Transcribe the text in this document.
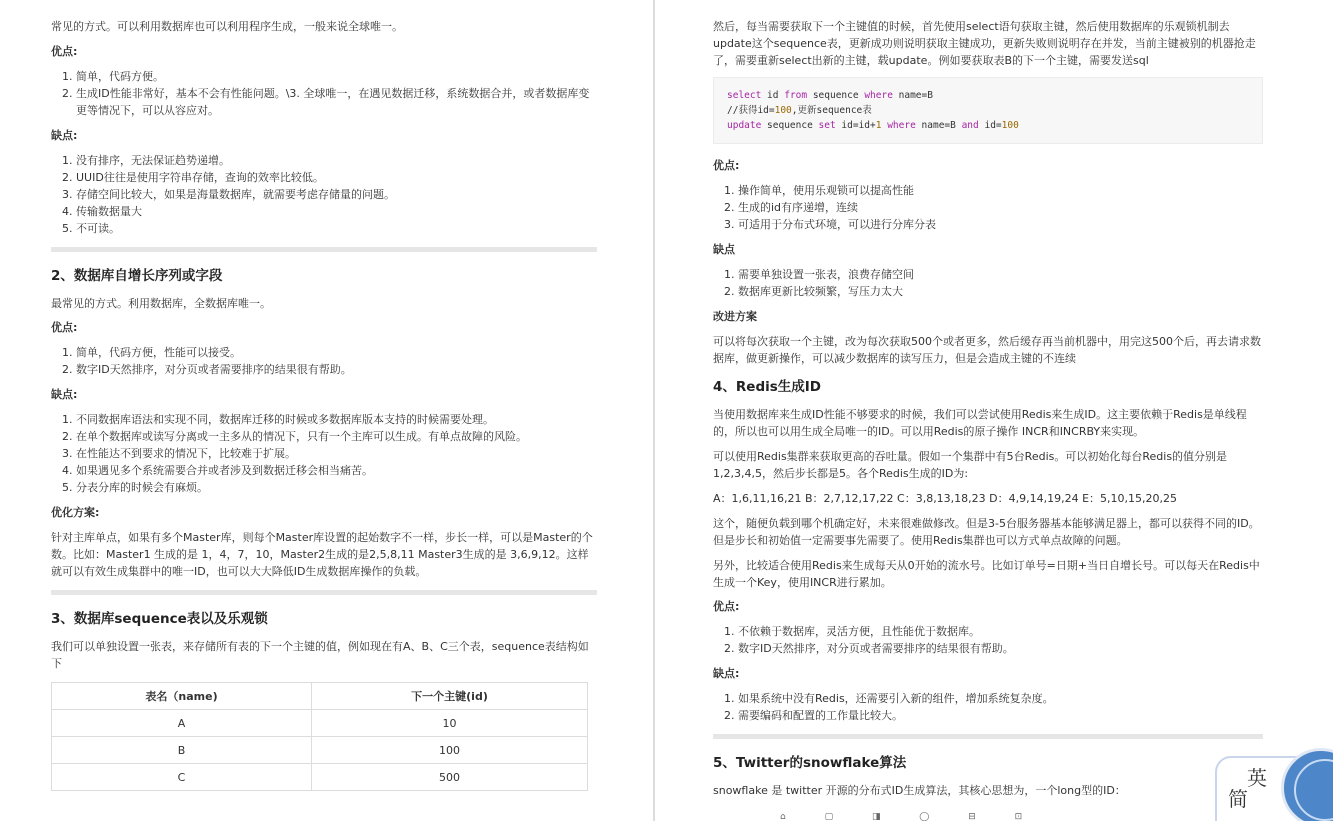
常见的方式。可以利用数据库也可以利用程序生成，一般来说全球唯一。

优点:
1. 简单，代码方便。
2. 生成ID性能非常好，基本不会有性能问题。\3. 全球唯一，在遇见数据迁移，系统数据合并，或者数据库变更等情况下，可以从容应对。
缺点:
1. 没有排序，无法保证趋势递增。
2. UUID往往是使用字符串存储，查询的效率比较低。
3. 存储空间比较大，如果是海量数据库，就需要考虑存储量的问题。
4. 传输数据量大
5. 不可读。
2、数据库自增长序列或字段

最常见的方式。利用数据库，全数据库唯一。

优点:
1. 简单，代码方便，性能可以接受。
2. 数字ID天然排序，对分页或者需要排序的结果很有帮助。
缺点:
1. 不同数据库语法和实现不同，数据库迁移的时候或多数据库版本支持的时候需要处理。
2. 在单个数据库或读写分离或一主多从的情况下，只有一个主库可以生成。有单点故障的风险。
3. 在性能达不到要求的情况下，比较难于扩展。
4. 如果遇见多个系统需要合并或者涉及到数据迁移会相当痛苦。
5. 分表分库的时候会有麻烦。
优化方案:

针对主库单点，如果有多个Master库，则每个Master库设置的起始数字不一样，步长一样，可以是Master的个数。比如：Master1 生成的是 1，4，7，10，Master2生成的是2,5,8,11 Master3生成的是 3,6,9,12。这样就可以有效生成集群中的唯一ID，也可以大大降低ID生成数据库操作的负载。

3、数据库sequence表以及乐观锁

我们可以单独设置一张表，来存储所有表的下一个主键的值，例如现在有A、B、C三个表，sequence表结构如下

表名（name)	下一个主键(id)
A	10
B	100
C	500

然后，每当需要获取下一个主键值的时候，首先使用select语句获取主键，然后使用数据库的乐观锁机制去update这个sequence表，更新成功则说明获取主键成功，更新失败则说明存在并发，当前主键被别的机器抢走了，需要重新select出新的主键，载update。例如要获取表B的下一个主键，需要发送sql

select id from sequence where name=B
//获得id=100,更新sequence表
update sequence set id=id+1 where name=B and id=100
优点:
1. 操作简单，使用乐观锁可以提高性能
2. 生成的id有序递增，连续
3. 可适用于分布式环境，可以进行分库分表
缺点
1. 需要单独设置一张表，浪费存储空间
2. 数据库更新比较频繁，写压力太大
改进方案

可以将每次获取一个主键，改为每次获取500个或者更多，然后缓存再当前机器中，用完这500个后，再去请求数据库，做更新操作，可以减少数据库的读写压力，但是会造成主键的不连续

4、Redis生成ID

当使用数据库来生成ID性能不够要求的时候，我们可以尝试使用Redis来生成ID。这主要依赖于Redis是单线程的，所以也可以用生成全局唯一的ID。可以用Redis的原子操作 INCR和INCRBY来实现。

可以使用Redis集群来获取更高的吞吐量。假如一个集群中有5台Redis。可以初始化每台Redis的值分别是1,2,3,4,5，然后步长都是5。各个Redis生成的ID为:

A：1,6,11,16,21 B：2,7,12,17,22 C：3,8,13,18,23 D：4,9,14,19,24 E：5,10,15,20,25

这个，随便负载到哪个机确定好，未来很难做修改。但是3-5台服务器基本能够满足器上，都可以获得不同的ID。但是步长和初始值一定需要事先需要了。使用Redis集群也可以方式单点故障的问题。

另外，比较适合使用Redis来生成每天从0开始的流水号。比如订单号=日期+当日自增长号。可以每天在Redis中生成一个Key，使用INCR进行累加。

优点:
1. 不依赖于数据库，灵活方便，且性能优于数据库。
2. 数字ID天然排序，对分页或者需要排序的结果很有帮助。
缺点:
1. 如果系统中没有Redis，还需要引入新的组件，增加系统复杂度。
2. 需要编码和配置的工作量比较大。
5、Twitter的snowflake算法

snowflake 是 twitter 开源的分布式ID生成算法，其核心思想为，一个long型的ID：

⌂ ▢ ◨ ◯ ⊟ ⊡
英
简
